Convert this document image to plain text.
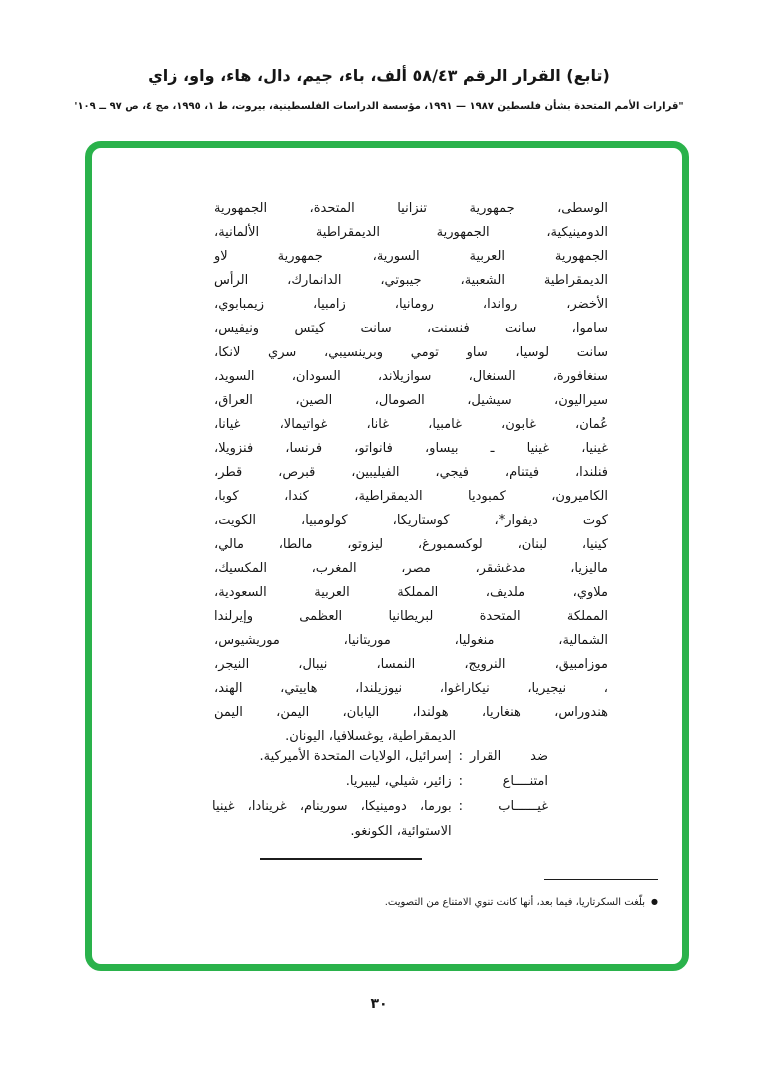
(تابع) القرار الرقم ٥٨/٤٣ ألف، باء، جيم، دال، هاء، واو، زاي
"قرارات الأمم المتحدة بشأن فلسطين ١٩٨٧ — ١٩٩١، مؤسسة الدراسات الفلسطينية، بيروت، ط ١، ١٩٩٥، مج ٤، ص ٩٧ ــ ١٠٩'
الوسطى، جمهورية تنزانيا المتحدة، الجمهورية
الدومينيكية، الجمهورية الديمقراطية الألمانية،
الجمهورية العربية السورية، جمهورية لاو
الديمقراطية الشعبية، جيبوتي، الدانمارك، الرأس
الأخضر، رواندا، رومانيا، زامبيا، زيمبابوي،
ساموا، سانت فنسنت، سانت كيتس ونيفيس،
سانت لوسيا، ساو تومي وبرينسيبي، سري لانكا،
سنغافورة، السنغال، سوازيلاند، السودان، السويد،
سيراليون، سيشيل، الصومال، الصين، العراق،
عُمان، غابون، غامبيا، غانا، غواتيمالا، غيانا،
غينيا، غينيا ـ بيساو، فانواتو، فرنسا، فنزويلا،
فنلندا، فيتنام، فيجي، الفيليبين، قبرص، قطر،
الكاميرون، كمبوديا الديمقراطية، كندا، كوبا،
كوت ديفوار*، كوستاريكا، كولومبيا، الكويت،
كينيا، لبنان، لوكسمبورغ، ليزوتو، مالطا، مالي،
ماليزيا، مدغشقر، مصر، المغرب، المكسيك،
ملاوي، ملديف، المملكة العربية السعودية،
المملكة المتحدة لبريطانيا العظمى وإيرلندا
الشمالية، منغوليا، موريتانيا، موريشيوس،
موزامبيق، النرويج، النمسا، نيبال، النيجر،
، نيجيريا، نيكاراغوا، نيوزيلندا، هاييتي، الهند،
هندوراس، هنغاريا، هولندا، اليابان، اليمن، اليمن
الديمقراطية، يوغسلافيا، اليونان.
ضد القرار
:
إسرائيل، الولايات المتحدة الأميركية.
امتنــــاع
:
زائير، شيلي، ليبيريا.
غيــــــاب
:
بورما، دومينيكا، سورينام، غرينادا، غينيا الاستوائية، الكونغو.
●بلّغت السكرتاريا، فيما بعد، أنها كانت تنوي الامتناع من التصويت.
٣٠
